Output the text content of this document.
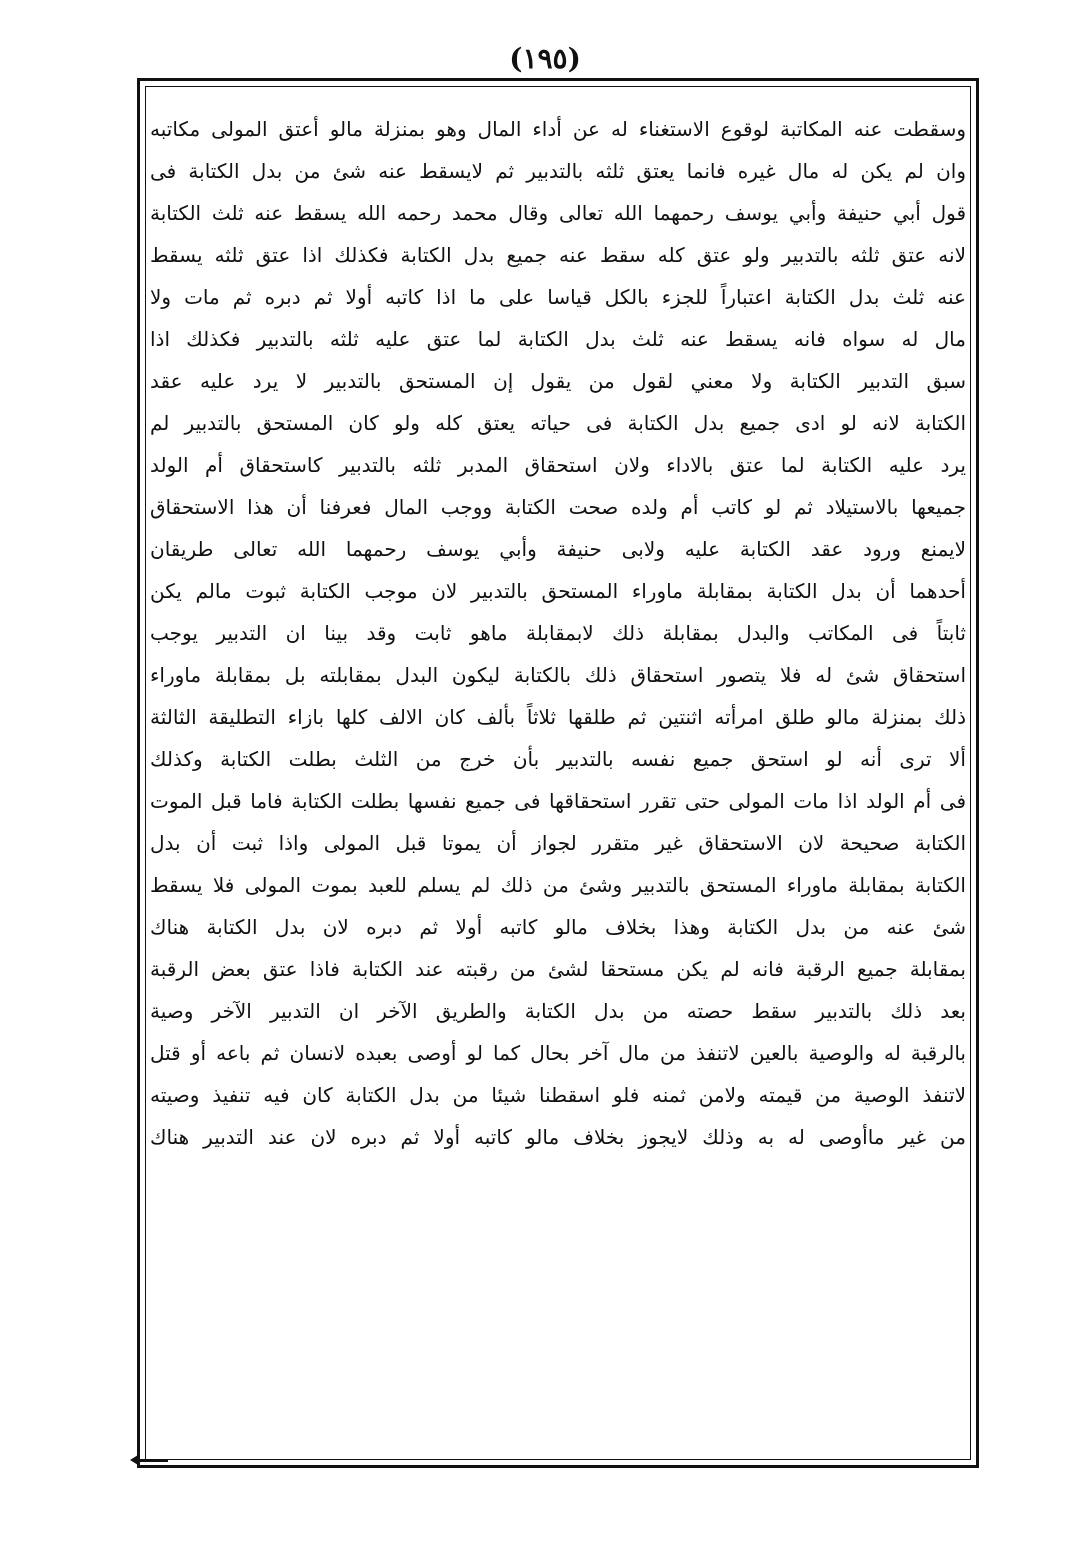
(١٩٥)
وسقطت عنه المكاتبة لوقوع الاستغناء له عن أداء المال وهو بمنزلة مالو أعتق المولى مكاتبه
وان لم يكن له مال غيره فانما يعتق ثلثه بالتدبير ثم لايسقط عنه شئ من بدل الكتابة فى
قول أبي حنيفة وأبي يوسف رحمهما الله تعالى وقال محمد رحمه الله يسقط عنه ثلث الكتابة
لانه عتق ثلثه بالتدبير ولو عتق كله سقط عنه جميع بدل الكتابة فكذلك اذا عتق ثلثه يسقط
عنه ثلث بدل الكتابة اعتباراً للجزء بالكل قياسا على ما اذا كاتبه أولا ثم دبره ثم مات ولا
مال له سواه فانه يسقط عنه ثلث بدل الكتابة لما عتق عليه ثلثه بالتدبير فكذلك اذا
سبق التدبير الكتابة ولا معني لقول من يقول إن المستحق بالتدبير لا يرد عليه عقد
الكتابة لانه لو ادى جميع بدل الكتابة فى حياته يعتق كله ولو كان المستحق بالتدبير لم
يرد عليه الكتابة لما عتق بالاداء ولان استحقاق المدبر ثلثه بالتدبير كاستحقاق أم الولد
جميعها بالاستيلاد ثم لو كاتب أم ولده صحت الكتابة ووجب المال فعرفنا أن هذا الاستحقاق
لايمنع ورود عقد الكتابة عليه ولابى حنيفة وأبي يوسف رحمهما الله تعالى طريقان
أحدهما أن بدل الكتابة بمقابلة ماوراء المستحق بالتدبير لان موجب الكتابة ثبوت مالم يكن
ثابتاً فى المكاتب والبدل بمقابلة ذلك لابمقابلة ماهو ثابت وقد بينا ان التدبير يوجب
استحقاق شئ له فلا يتصور استحقاق ذلك بالكتابة ليكون البدل بمقابلته بل بمقابلة ماوراء
ذلك بمنزلة مالو طلق امرأته اثنتين ثم طلقها ثلاثاً بألف كان الالف كلها بازاء التطليقة الثالثة
ألا ترى أنه لو استحق جميع نفسه بالتدبير بأن خرج من الثلث بطلت الكتابة وكذلك
فى أم الولد اذا مات المولى حتى تقرر استحقاقها فى جميع نفسها بطلت الكتابة فاما قبل الموت
الكتابة صحيحة لان الاستحقاق غير متقرر لجواز أن يموتا قبل المولى واذا ثبت أن بدل
الكتابة بمقابلة ماوراء المستحق بالتدبير وشئ من ذلك لم يسلم للعبد بموت المولى فلا يسقط
شئ عنه من بدل الكتابة وهذا بخلاف مالو كاتبه أولا ثم دبره لان بدل الكتابة هناك
بمقابلة جميع الرقبة فانه لم يكن مستحقا لشئ من رقبته عند الكتابة فاذا عتق بعض الرقبة
بعد ذلك بالتدبير سقط حصته من بدل الكتابة والطريق الآخر ان التدبير الآخر وصية
بالرقبة له والوصية بالعين لاتنفذ من مال آخر بحال كما لو أوصى بعبده لانسان ثم باعه أو قتل
لاتنفذ الوصية من قيمته ولامن ثمنه فلو اسقطنا شيئا من بدل الكتابة كان فيه تنفيذ وصيته
من غير ماأوصى له به وذلك لايجوز بخلاف مالو كاتبه أولا ثم دبره لان عند التدبير هناك
